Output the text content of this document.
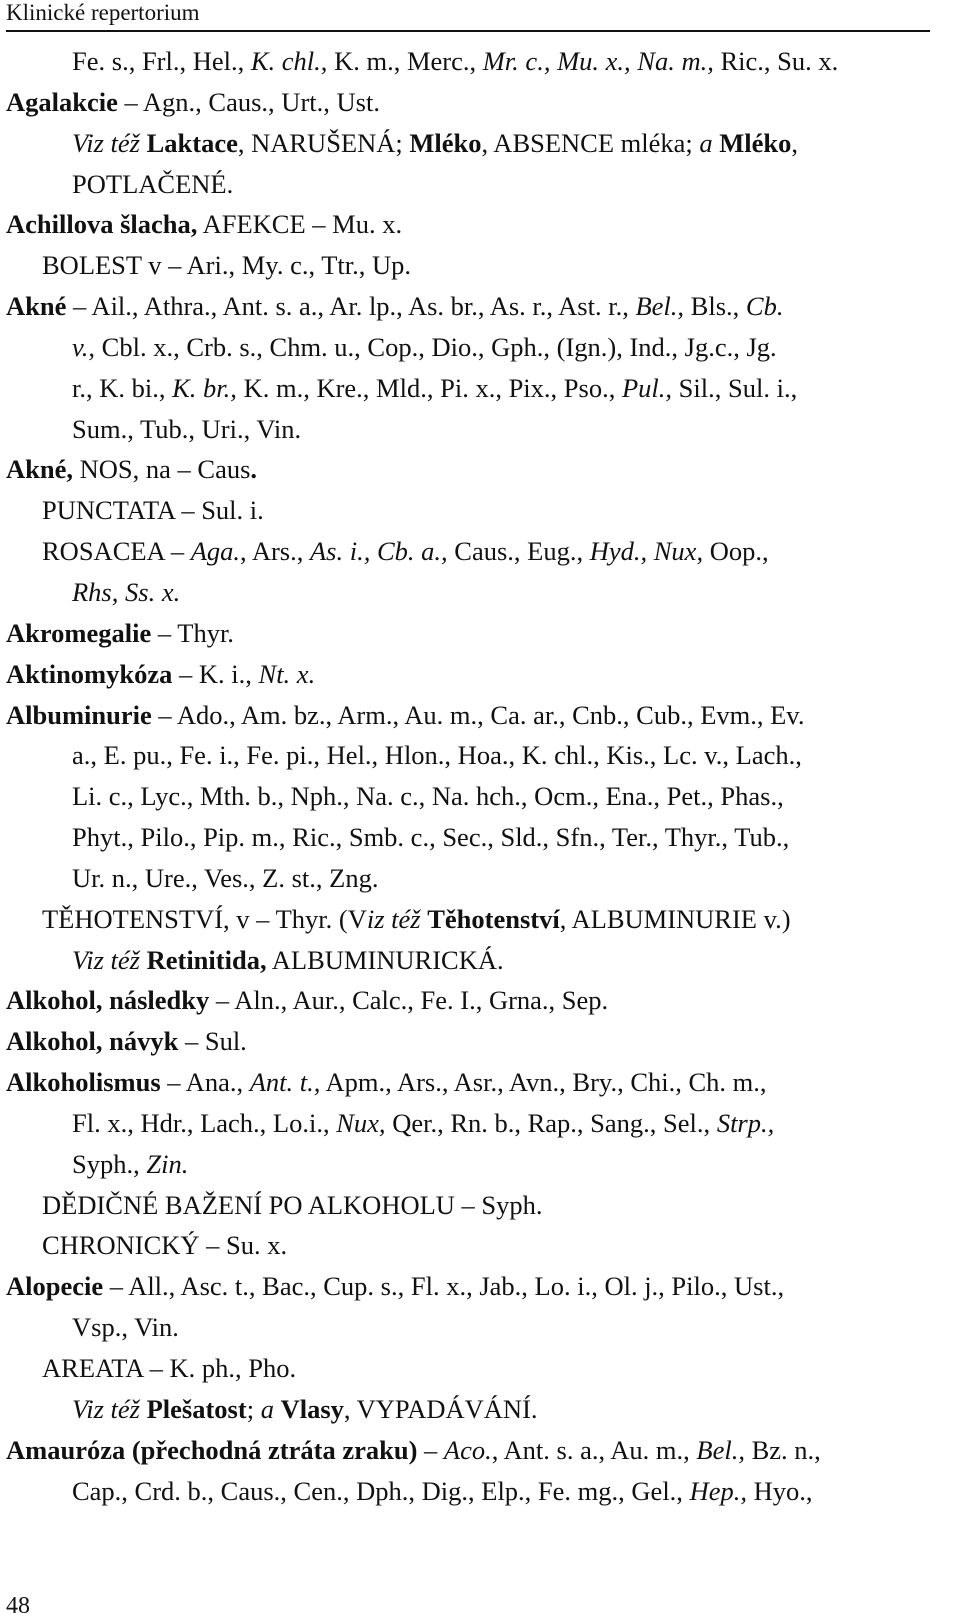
Klinické repertorium
Fe. s., Frl., Hel., K. chl., K. m., Merc., Mr. c., Mu. x., Na. m., Ric., Su. x.
Agalakcie – Agn., Caus., Urt., Ust.
Viz též Laktace, NARUŠENÁ; Mléko, ABSENCE mléka; a Mléko,
POTLAČENÉ.
Achillova šlacha, AFEKCE – Mu. x.
BOLEST v – Ari., My. c., Ttr., Up.
Akné – Ail., Athra., Ant. s. a., Ar. lp., As. br., As. r., Ast. r., Bel., Bls., Cb.
v., Cbl. x., Crb. s., Chm. u., Cop., Dio., Gph., (Ign.), Ind., Jg.c., Jg.
r., K. bi., K. br., K. m., Kre., Mld., Pi. x., Pix., Pso., Pul., Sil., Sul. i.,
Sum., Tub., Uri., Vin.
Akné, NOS, na – Caus.
PUNCTATA – Sul. i.
ROSACEA – Aga., Ars., As. i., Cb. a., Caus., Eug., Hyd., Nux, Oop.,
Rhs, Ss. x.
Akromegalie – Thyr.
Aktinomykóza – K. i., Nt. x.
Albuminurie – Ado., Am. bz., Arm., Au. m., Ca. ar., Cnb., Cub., Evm., Ev.
a., E. pu., Fe. i., Fe. pi., Hel., Hlon., Hoa., K. chl., Kis., Lc. v., Lach.,
Li. c., Lyc., Mth. b., Nph., Na. c., Na. hch., Ocm., Ena., Pet., Phas.,
Phyt., Pilo., Pip. m., Ric., Smb. c., Sec., Sld., Sfn., Ter., Thyr., Tub.,
Ur. n., Ure., Ves., Z. st., Zng.
TĚHOTENSTVÍ, v – Thyr. (Viz též Těhotenství, ALBUMINURIE v.)
Viz též Retinitida, ALBUMINURICKÁ.
Alkohol, následky – Aln., Aur., Calc., Fe. I., Grna., Sep.
Alkohol, návyk – Sul.
Alkoholismus – Ana., Ant. t., Apm., Ars., Asr., Avn., Bry., Chi., Ch. m.,
Fl. x., Hdr., Lach., Lo.i., Nux, Qer., Rn. b., Rap., Sang., Sel., Strp.,
Syph., Zin.
DĚDIČNÉ BAŽENÍ PO ALKOHOLU – Syph.
CHRONICKÝ – Su. x.
Alopecie – All., Asc. t., Bac., Cup. s., Fl. x., Jab., Lo. i., Ol. j., Pilo., Ust.,
Vsp., Vin.
AREATA – K. ph., Pho.
Viz též Plešatost; a Vlasy, VYPADÁVÁNÍ.
Amauróza (přechodná ztráta zraku) – Aco., Ant. s. a., Au. m., Bel., Bz. n.,
Cap., Crd. b., Caus., Cen., Dph., Dig., Elp., Fe. mg., Gel., Hep., Hyo.,
48
